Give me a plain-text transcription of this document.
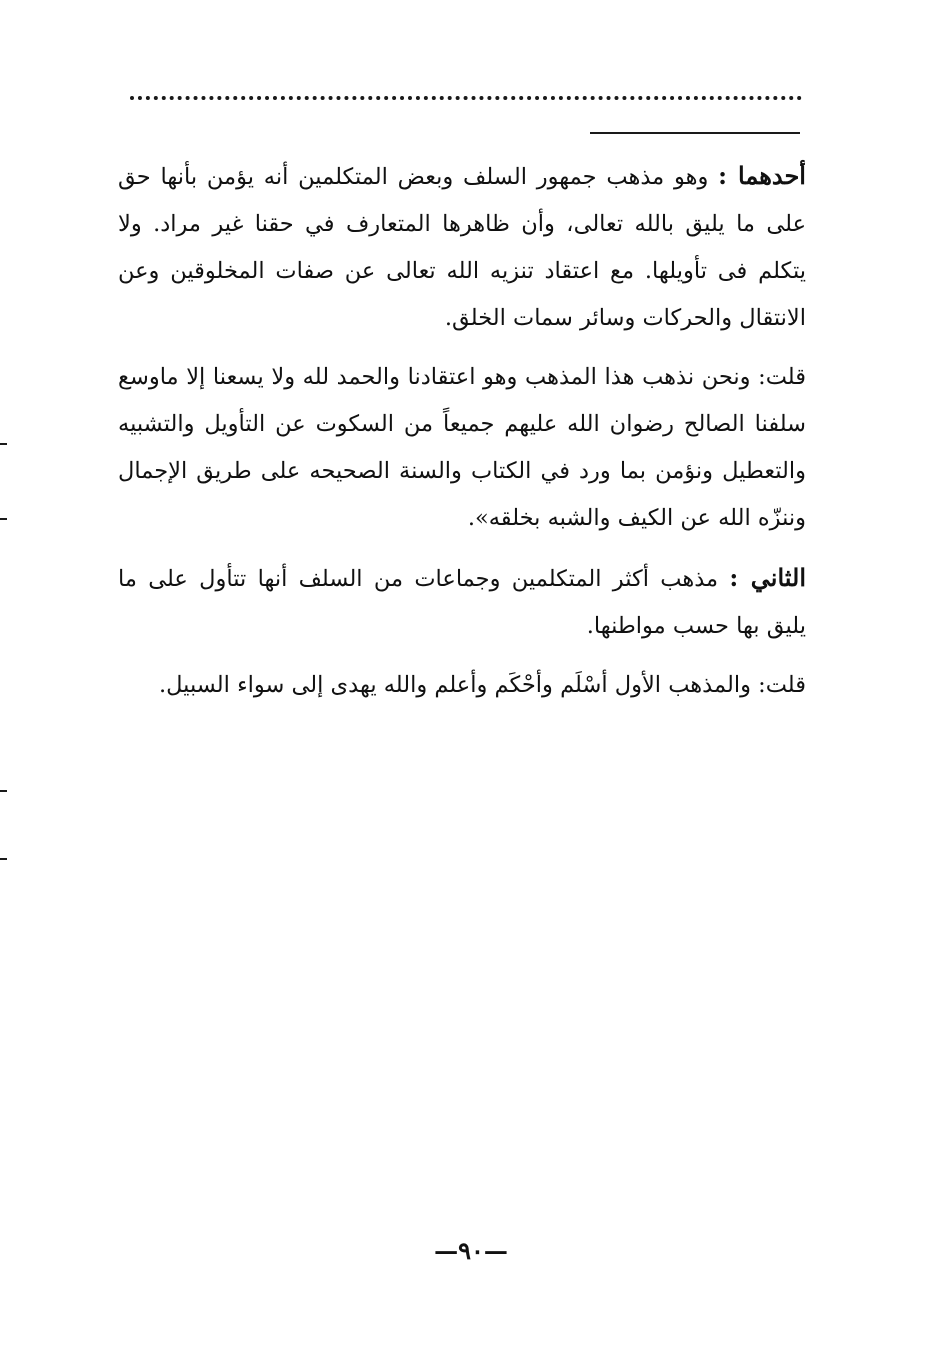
أحدهما : وهو مذهب جمهور السلف وبعض المتكلمين أنه يؤمن بأنها حق على ما يليق بالله تعالى، وأن ظاهرها المتعارف في حقنا غير مراد. ولا يتكلم فى تأويلها. مع اعتقاد تنزيه الله تعالى عن صفات المخلوقين وعن الانتقال والحركات وسائر سمات الخلق.

قلت: ونحن نذهب هذا المذهب وهو اعتقادنا والحمد لله ولا يسعنا إلا ماوسع سلفنا الصالح رضوان الله عليهم جميعاً من السكوت عن التأويل والتشبيه والتعطيل ونؤمن بما ورد في الكتاب والسنة الصحيحه على طريق الإجمال وننزّه الله عن الكيف والشبه بخلقه».

الثاني : مذهب أكثر المتكلمين وجماعات من السلف أنها تتأول على ما يليق بها حسب مواطنها.

قلت: والمذهب الأول أسْلَم وأحْكَم وأعلم والله يهدى إلى سواء السبيل.

—٩٠—
